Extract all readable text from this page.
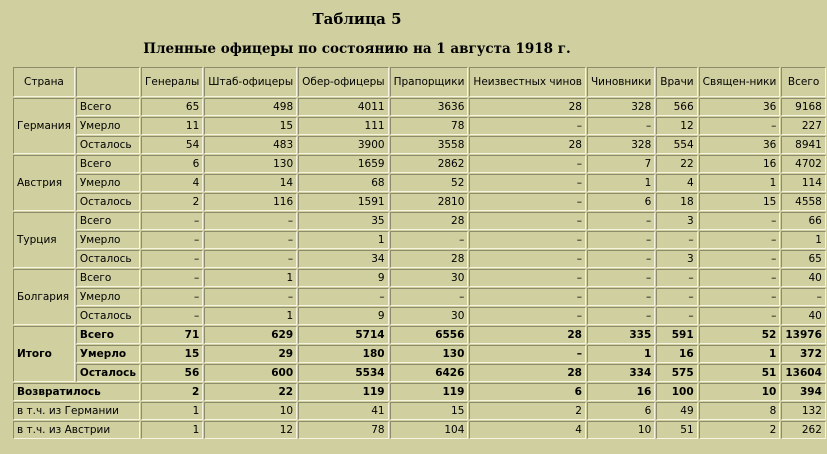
Таблица 5
Пленные офицеры по состоянию на 1 августа 1918 г.
Страна		Генералы	Штаб-офицеры	Обер-офицеры	Прапорщики	Неизвестных чинов	Чиновники	Врачи	Священ-ники	Всего
Германия	Всего	65	498	4011	3636	28	328	566	36	9168
	Умерло	11	15	111	78	–	–	12	–	227
	Осталось	54	483	3900	3558	28	328	554	36	8941
Австрия	Всего	6	130	1659	2862	–	7	22	16	4702
	Умерло	4	14	68	52	–	1	4	1	114
	Осталось	2	116	1591	2810	–	6	18	15	4558
Турция	Всего	–	–	35	28	–	–	3	–	66
	Умерло	–	–	1	–	–	–	–	–	1
	Осталось	–	–	34	28	–	–	3	–	65
Болгария	Всего	–	1	9	30	–	–	–	–	40
	Умерло	–	–	–	–	–	–	–	–	–
	Осталось	–	1	9	30	–	–	–	–	40
Итого	Всего	71	629	5714	6556	28	335	591	52	13976
	Умерло	15	29	180	130	–	1	16	1	372
	Осталось	56	600	5534	6426	28	334	575	51	13604
Возвратилось		2	22	119	119	6	16	100	10	394
в т.ч. из Германии		1	10	41	15	2	6	49	8	132
в т.ч. из Австрии		1	12	78	104	4	10	51	2	262
